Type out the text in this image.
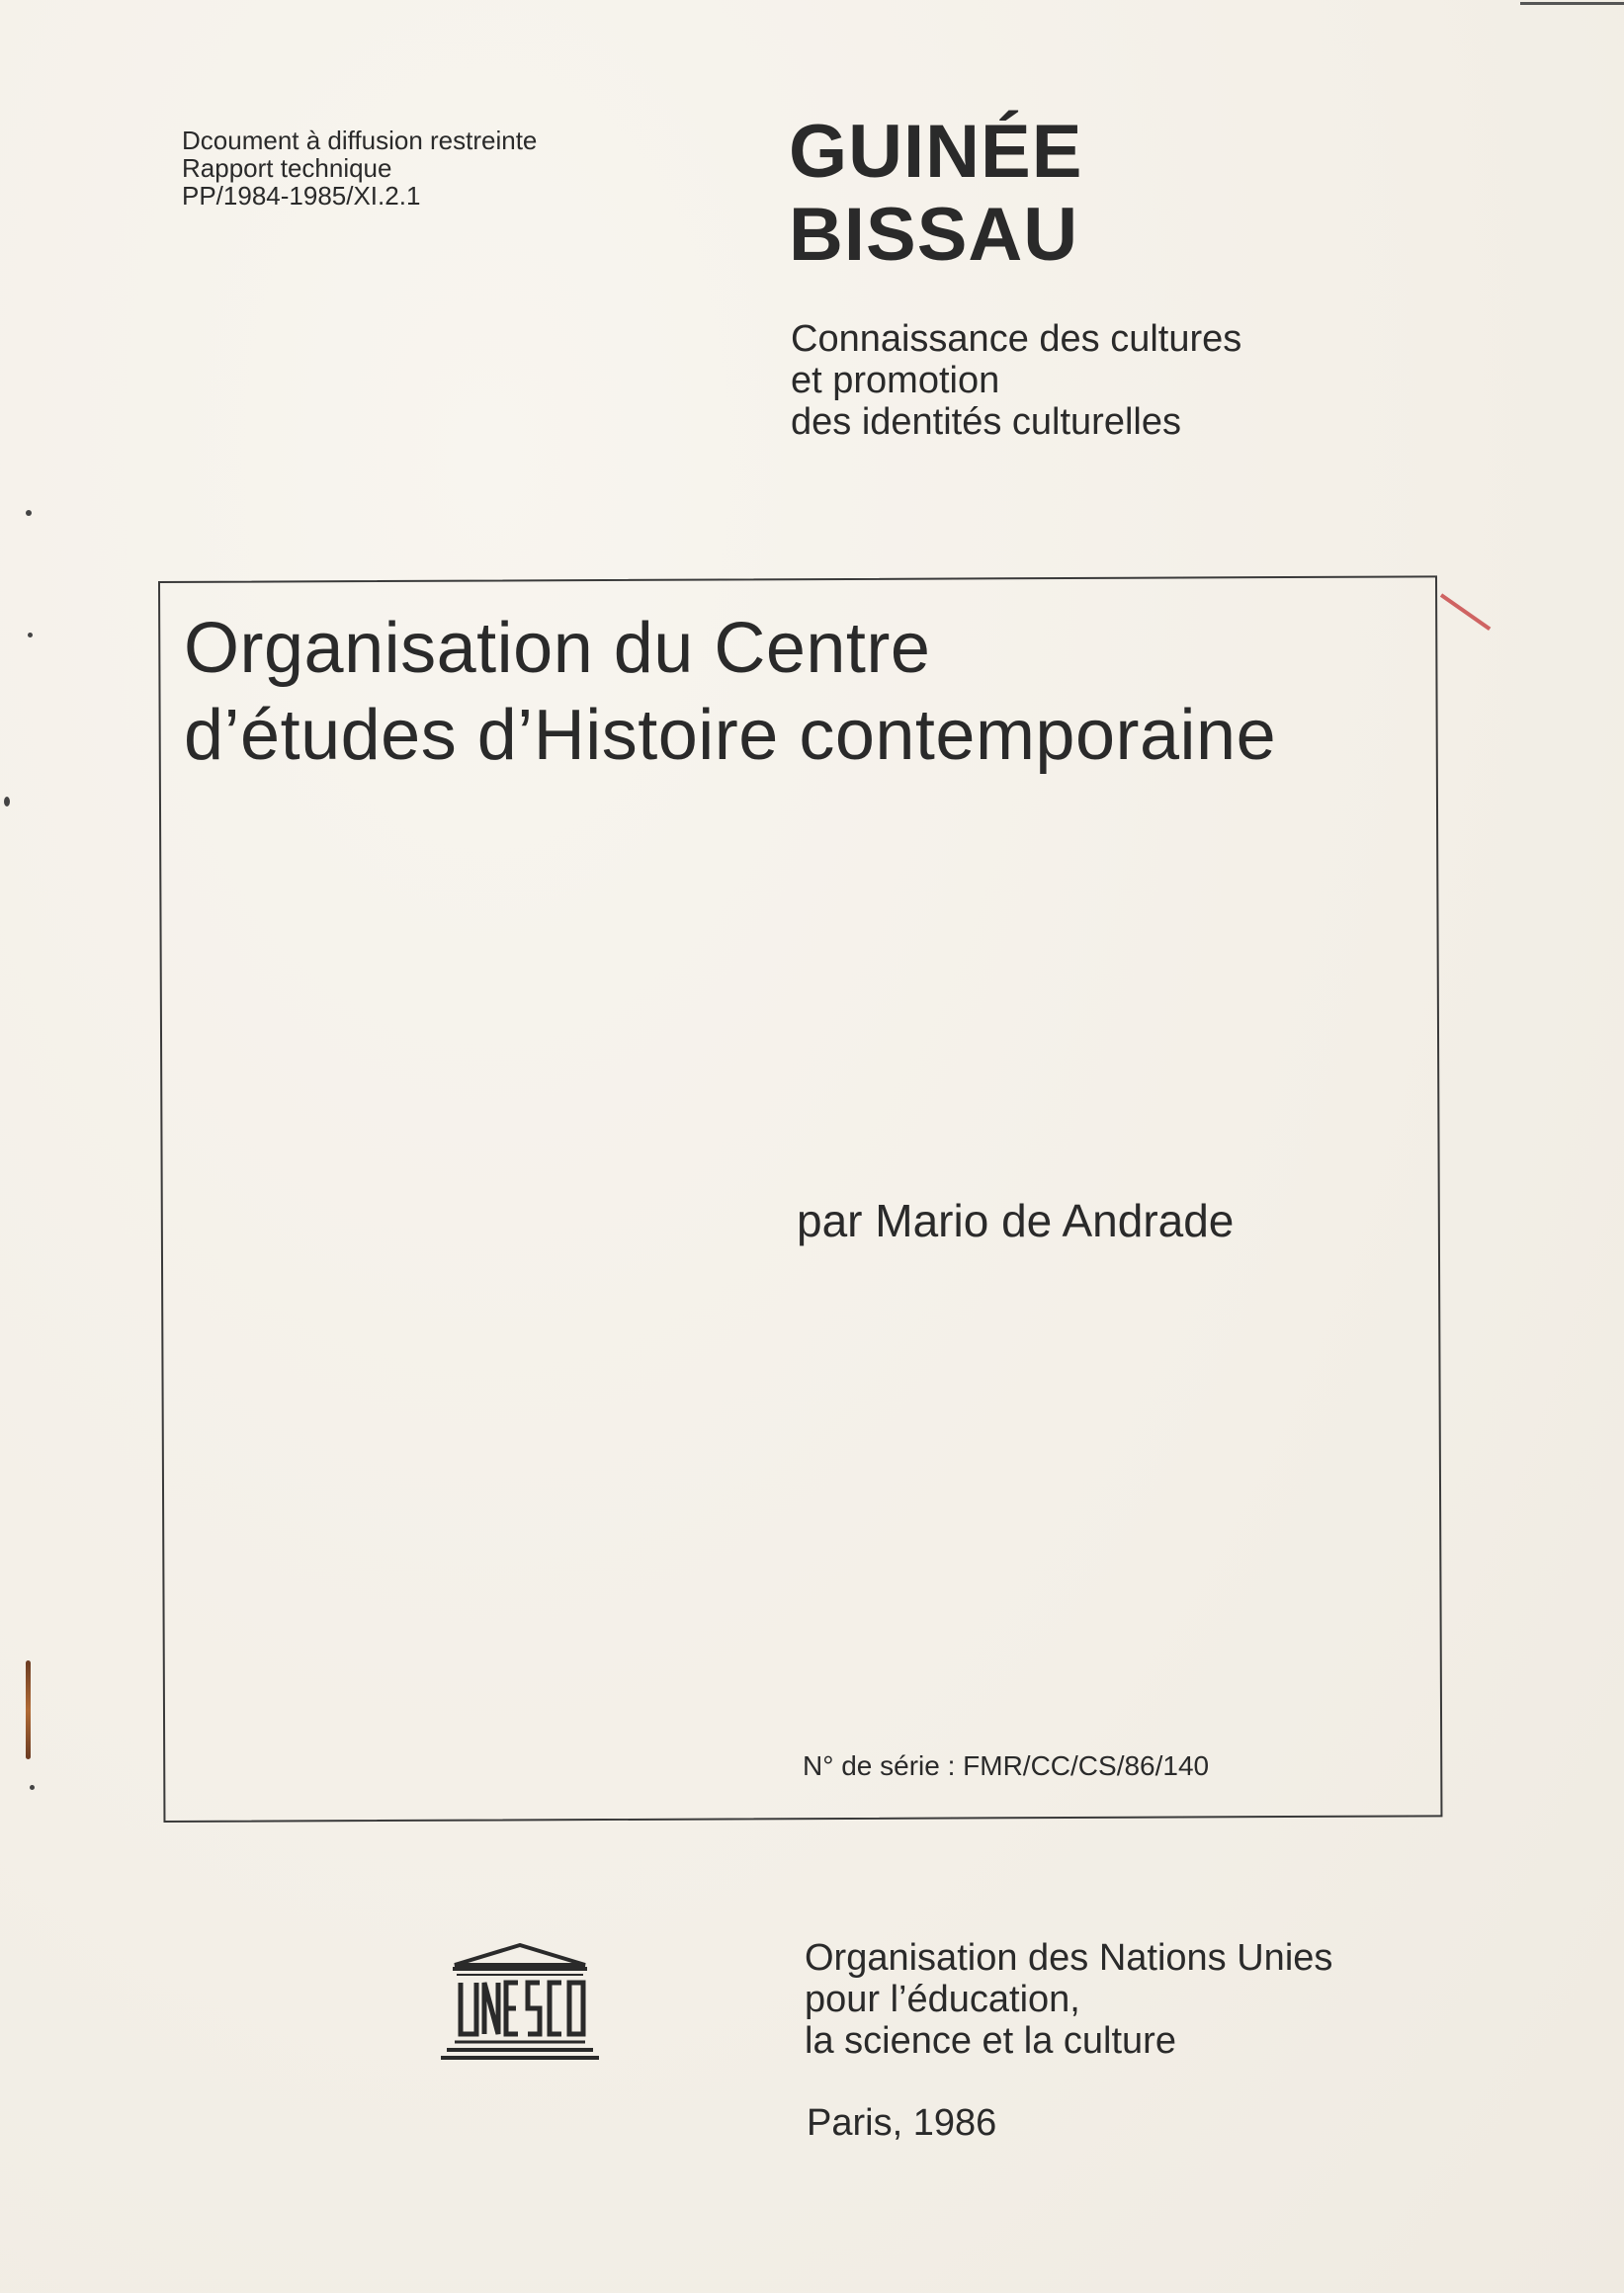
Dcoument à diffusion restreinte
Rapport technique
PP/1984-1985/XI.2.1
GUINÉE
BISSAU
Connaissance des cultures
et promotion
des identités culturelles
Organisation du Centre
d’études d’Histoire contemporaine
par Mario de Andrade
N° de série : FMR/CC/CS/86/140
Organisation des Nations Unies
pour l’éducation,
la science et la culture
Paris, 1986
